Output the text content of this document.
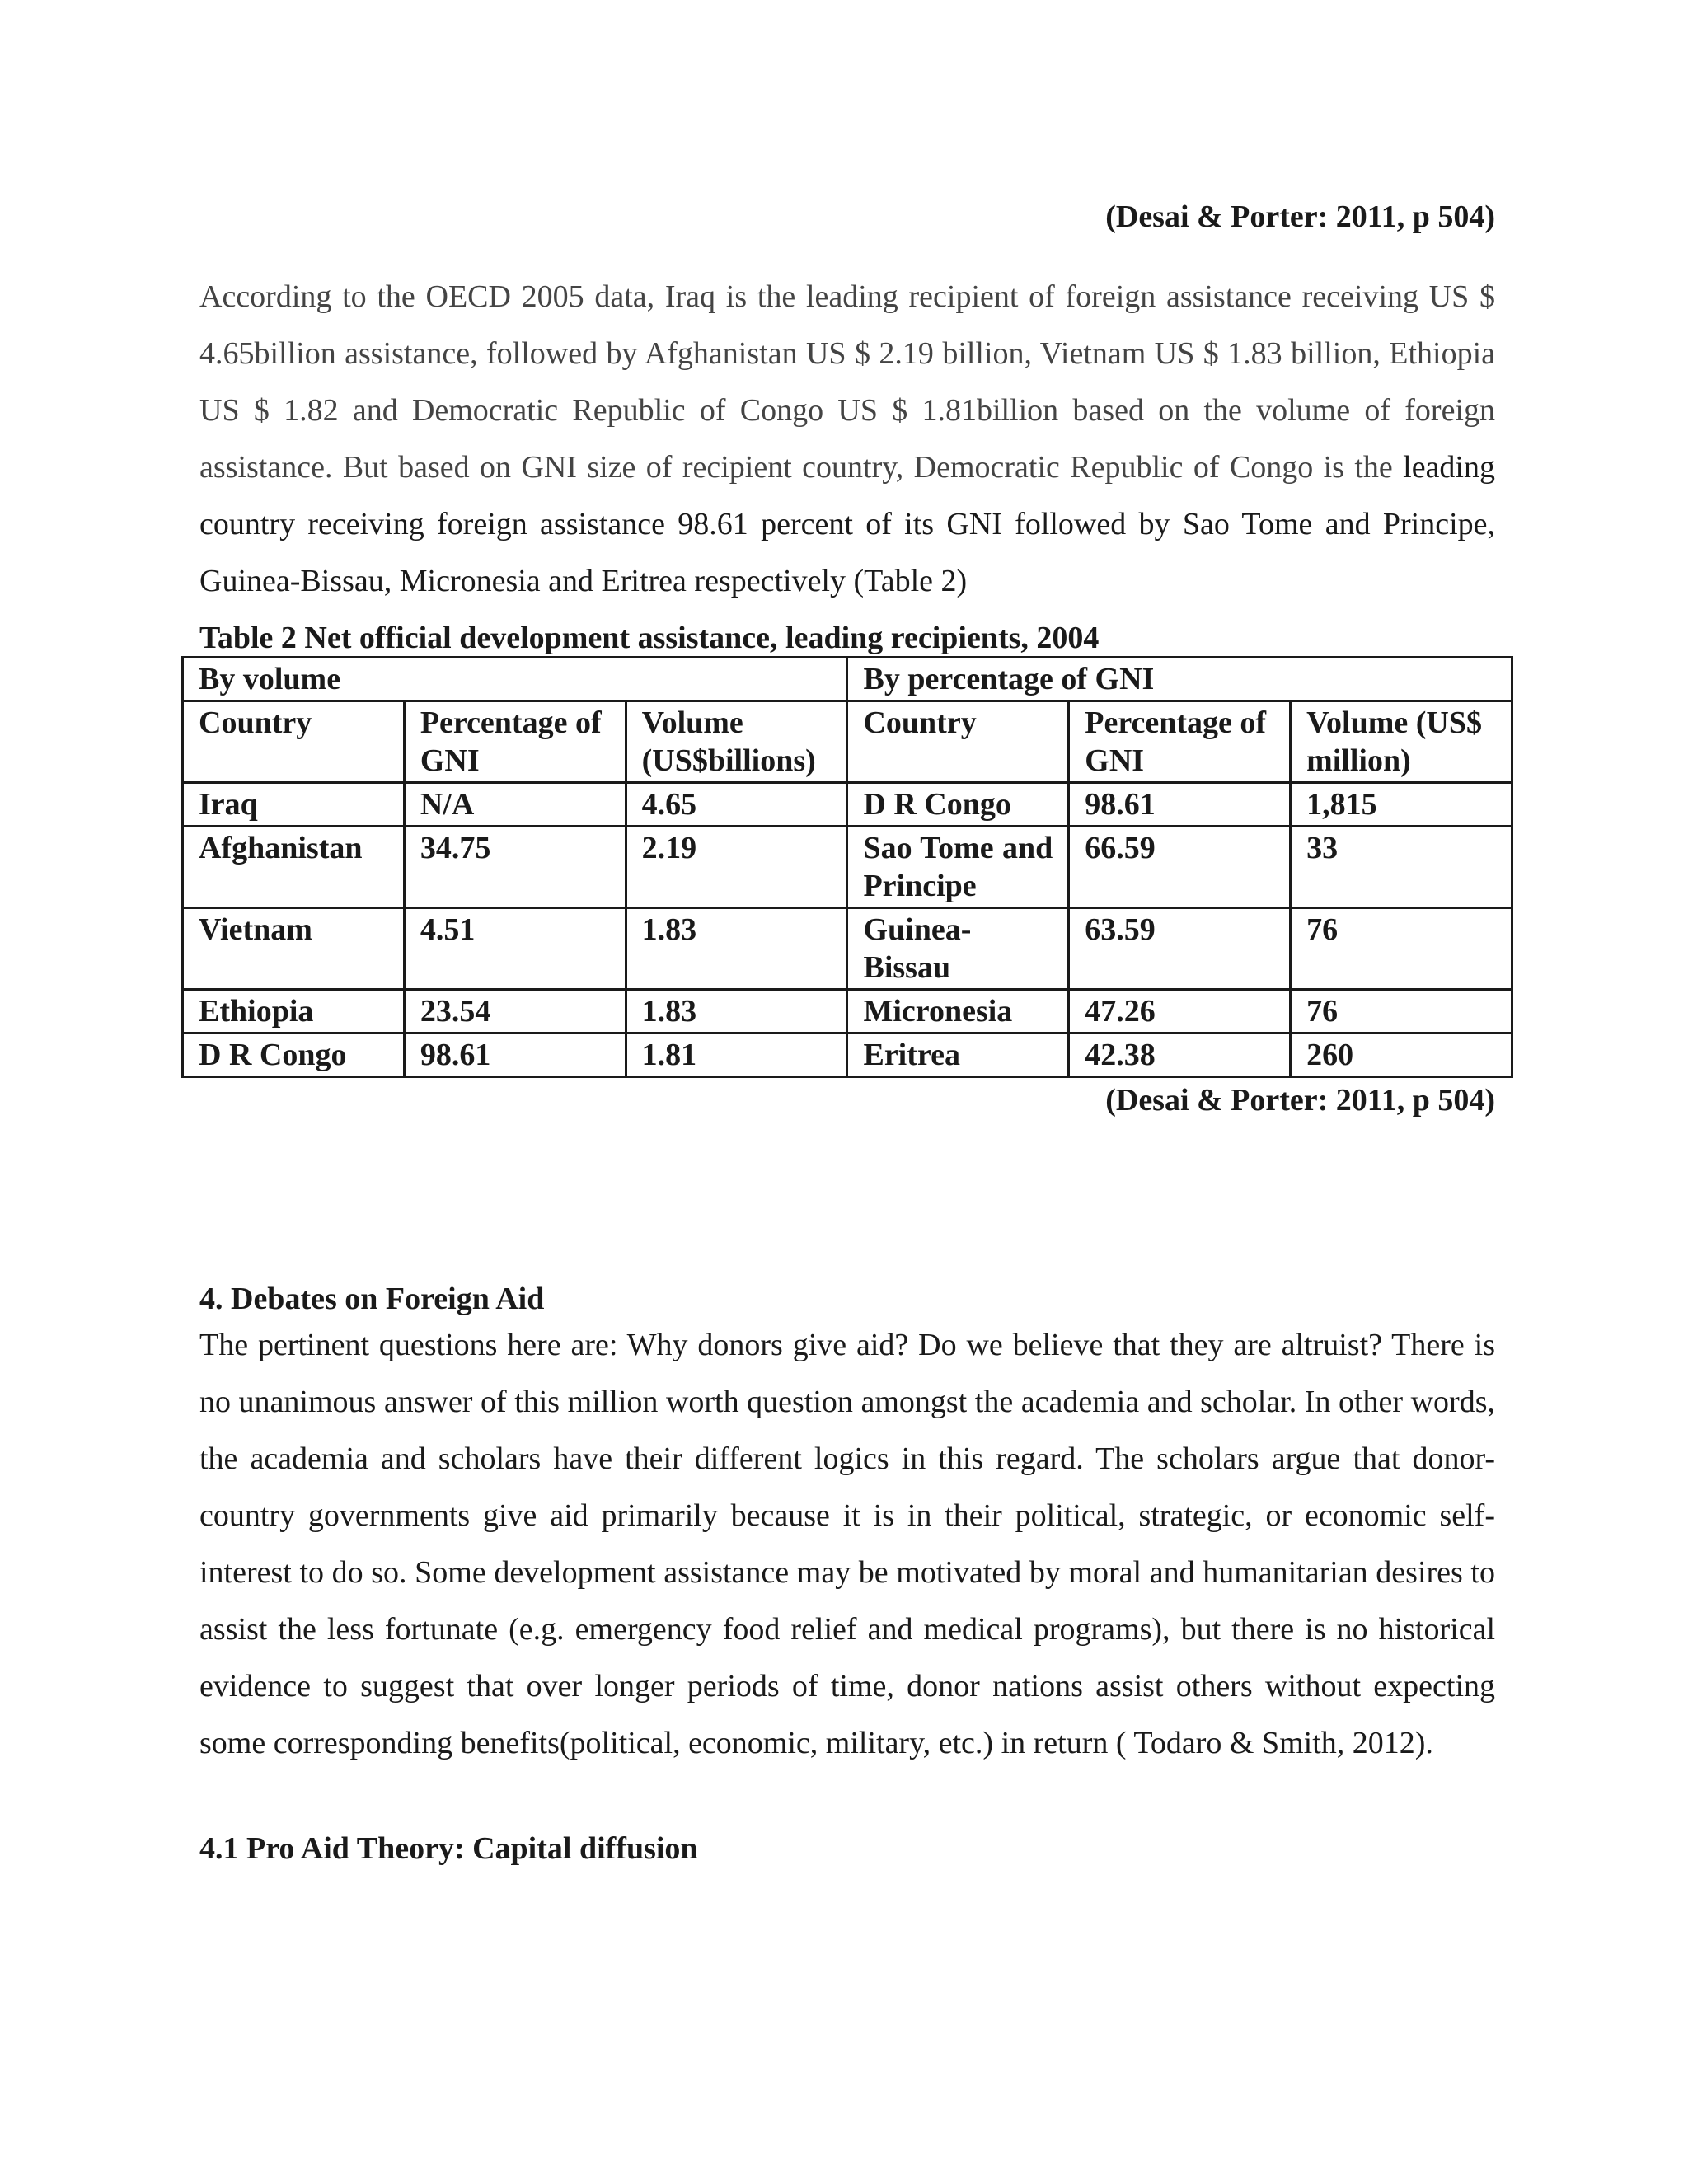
(Desai & Porter: 2011, p 504)

According to the OECD 2005 data, Iraq is the leading recipient of foreign assistance receiving US $ 4.65billion assistance, followed by Afghanistan US $ 2.19 billion, Vietnam US $ 1.83 billion, Ethiopia US $ 1.82 and Democratic Republic of Congo US $ 1.81billion based on the volume of foreign assistance. But based on GNI size of recipient country, Democratic Republic of Congo is the leading country receiving foreign assistance 98.61 percent of its GNI followed by Sao Tome and Principe, Guinea-Bissau, Micronesia and Eritrea respectively (Table 2)

Table 2 Net official development assistance, leading recipients, 2004
By volume			By percentage of GNI		
Country	Percentage of GNI	Volume (US$billions)	Country	Percentage of GNI	Volume (US$ million)
Iraq	N/A	4.65	D R Congo	98.61	1,815
Afghanistan	34.75	2.19	Sao Tome and Principe	66.59	33
Vietnam	4.51	1.83	Guinea-Bissau	63.59	76
Ethiopia	23.54	1.83	Micronesia	47.26	76
D R Congo	98.61	1.81	Eritrea	42.38	260
(Desai & Porter: 2011, p 504)
4. Debates on Foreign Aid

The pertinent questions here are: Why donors give aid? Do we believe that they are altruist? There is no unanimous answer of this million worth question amongst the academia and scholar. In other words, the academia and scholars have their different logics in this regard. The scholars argue that donor-country governments give aid primarily because it is in their political, strategic, or economic self- interest to do so. Some development assistance may be motivated by moral and humanitarian desires to assist the less fortunate (e.g. emergency food relief and medical programs), but there is no historical evidence to suggest that over longer periods of time, donor nations assist others without expecting some corresponding benefits(political, economic, military, etc.) in return ( Todaro & Smith, 2012).

4.1 Pro Aid Theory: Capital diffusion
